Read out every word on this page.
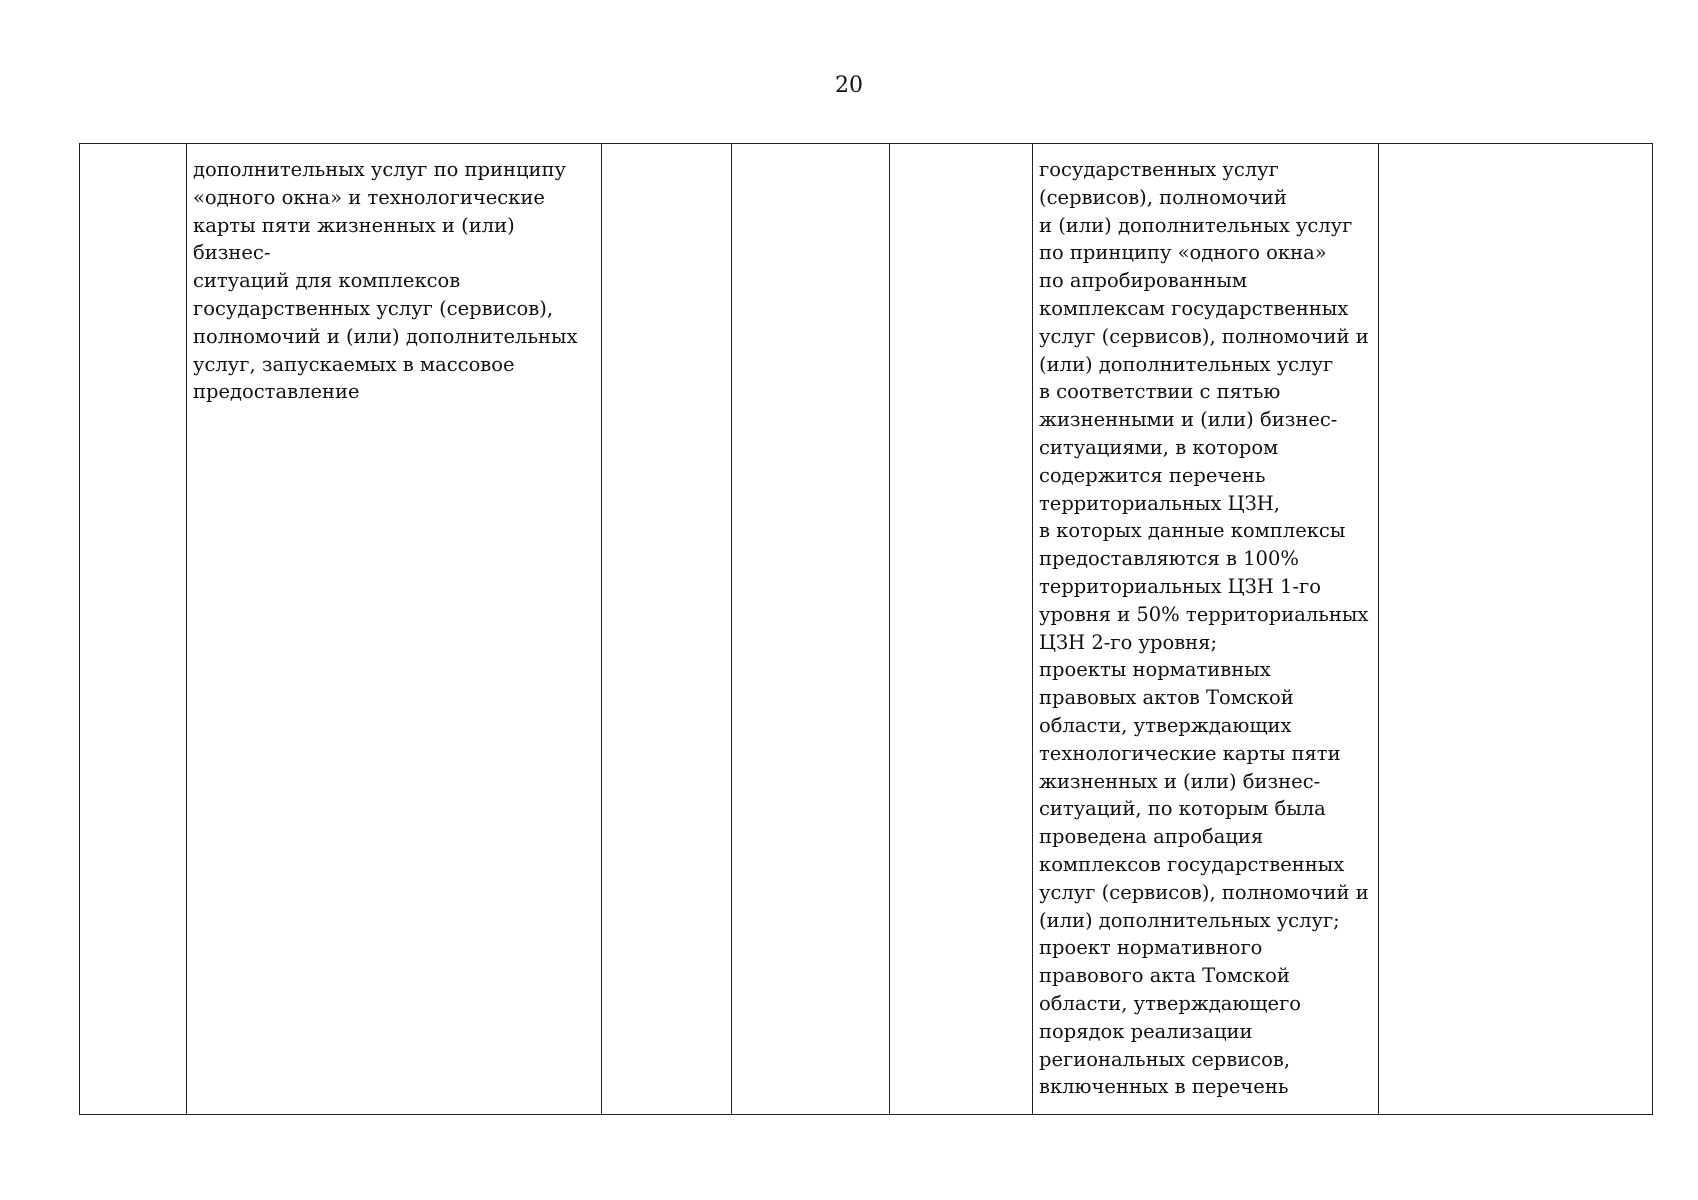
20
	дополнительных услуг по принципу
«одного окна» и технологические
карты пяти жизненных и (или) бизнес-
ситуаций для комплексов
государственных услуг (сервисов),
полномочий и (или) дополнительных
услуг, запускаемых в массовое
предоставление				государственных услуг
(сервисов), полномочий
и (или) дополнительных услуг
по принципу «одного окна»
по апробированным
комплексам государственных
услуг (сервисов), полномочий и
(или) дополнительных услуг
в соответствии с пятью
жизненными и (или) бизнес-
ситуациями, в котором
содержится перечень
территориальных ЦЗН,
в которых данные комплексы
предоставляются в 100%
территориальных ЦЗН 1-го
уровня и 50% территориальных
ЦЗН 2-го уровня;
проекты нормативных
правовых актов Томской
области, утверждающих
технологические карты пяти
жизненных и (или) бизнес-
ситуаций, по которым была
проведена апробация
комплексов государственных
услуг (сервисов), полномочий и
(или) дополнительных услуг;
проект нормативного
правового акта Томской
области, утверждающего
порядок реализации
региональных сервисов,
включенных в перечень	
